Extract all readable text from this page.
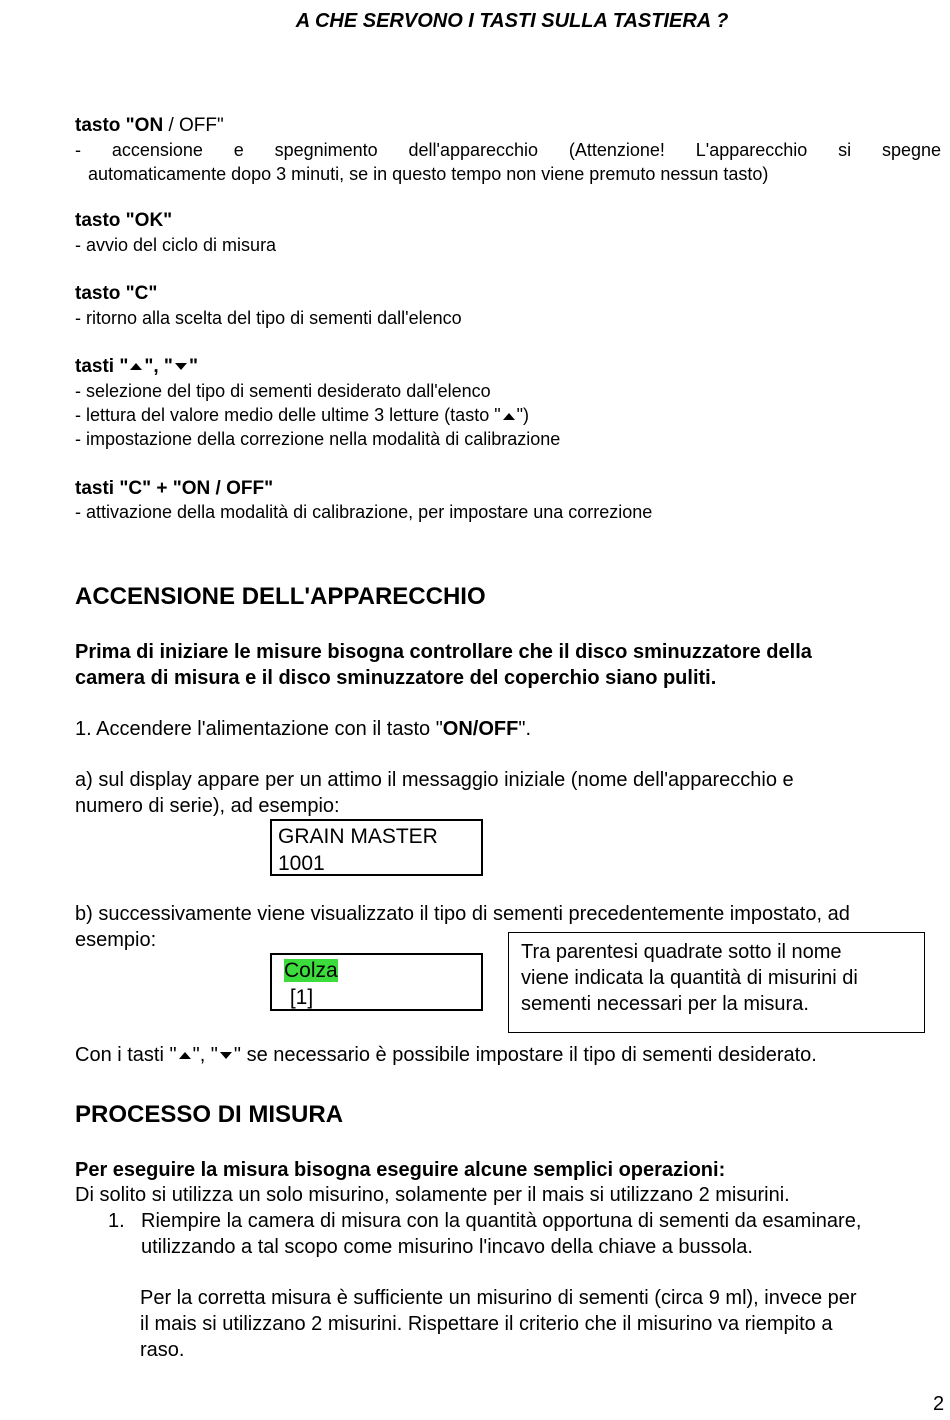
A CHE SERVONO I TASTI SULLA TASTIERA ?
tasto "ON / OFF"
- accensione e spegnimento dell'apparecchio (Attenzione! L'apparecchio si spegne
automaticamente dopo 3 minuti, se in questo tempo non viene premuto nessun tasto)
tasto "OK"
- avvio del ciclo di misura
tasto "C"
- ritorno alla scelta del tipo di sementi dall'elenco
tasti " ", " "
- selezione del tipo di sementi desiderato dall'elenco
- lettura del valore medio delle ultime 3 letture (tasto " ")
- impostazione della correzione nella modalità di calibrazione
tasti "C" + "ON / OFF"
- attivazione della modalità di calibrazione, per impostare una correzione
ACCENSIONE DELL'APPARECCHIO
Prima di iniziare le misure bisogna controllare che il disco sminuzzatore della
camera di misura e il disco sminuzzatore del coperchio siano puliti.
1. Accendere l'alimentazione con il tasto "ON/OFF".
a) sul display appare per un attimo il messaggio iniziale (nome dell'apparecchio e
numero di serie), ad esempio:
GRAIN MASTER
1001
b) successivamente viene visualizzato il tipo di sementi precedentemente impostato, ad
esempio:
Colza
[1]
Tra parentesi quadrate sotto il nome
viene indicata la quantità di misurini di
sementi necessari per la misura.
Con i tasti " ", " " se necessario è possibile impostare il tipo di sementi desiderato.
PROCESSO DI MISURA
Per eseguire la misura bisogna eseguire alcune semplici operazioni:
Di solito si utilizza un solo misurino, solamente per il mais si utilizzano 2 misurini.
1. Riempire la camera di misura con la quantità opportuna di sementi da esaminare,
utilizzando a tal scopo come misurino l'incavo della chiave a bussola.
Per la corretta misura è sufficiente un misurino di sementi (circa 9 ml), invece per
il mais si utilizzano 2 misurini. Rispettare il criterio che il misurino va riempito a
raso.
2
